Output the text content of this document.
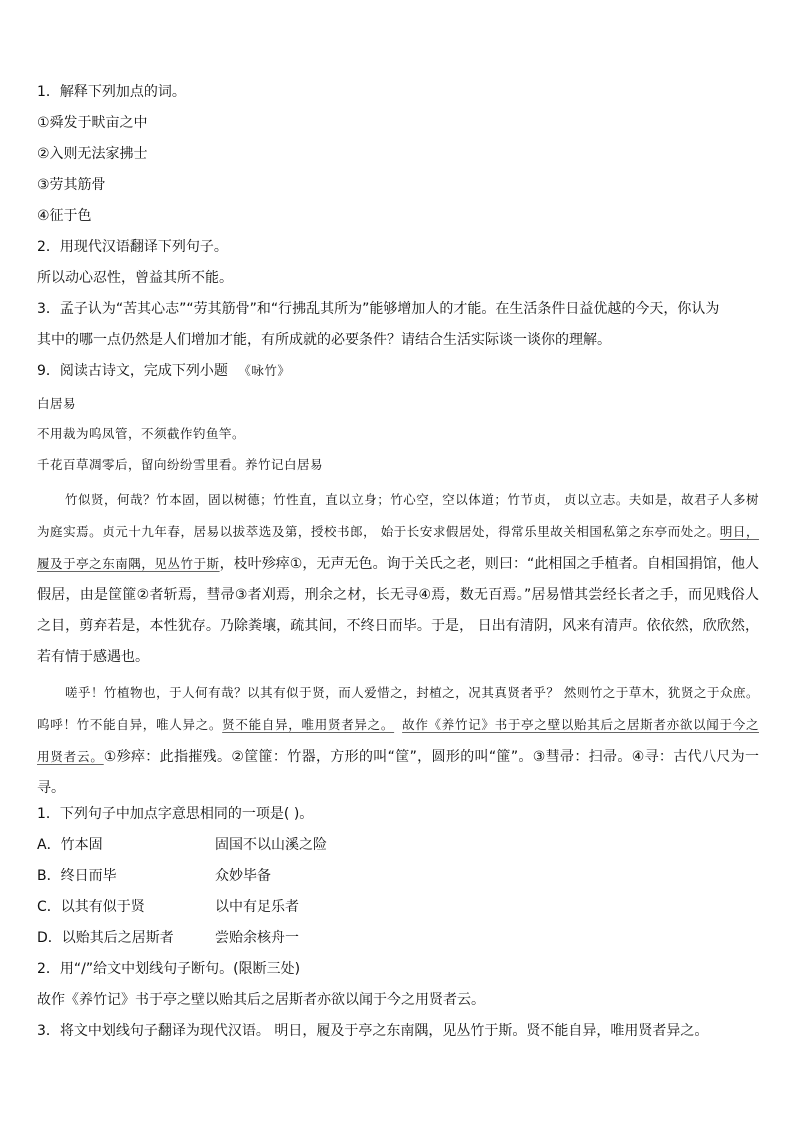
1．解释下列加点的词。
①舜发于畎亩之中
②入则无法家拂士
③劳其筋骨
④征于色
2．用现代汉语翻译下列句子。
所以动心忍性，曾益其所不能。
3．孟子认为“苦其心志”“劳其筋骨”和“行拂乱其所为”能够增加人的才能。在生活条件日益优越的今天，你认为
其中的哪一点仍然是人们增加才能，有所成就的必要条件？请结合生活实际谈一谈你的理解。
9．阅读古诗文，完成下列小题 《咏竹》
白居易
不用裁为呜凤管，不须截作钓鱼竿。
千花百草凋零后，留向纷纷雪里看。养竹记白居易
竹似贤，何哉？竹本固，固以树德；竹性直，直以立身；竹心空，空以体道；竹节贞， 贞以立志。夫如是，故君子人多树为庭实焉。贞元十九年春，居易以拔萃选及第，授校书郎， 始于长安求假居处，得常乐里故关相国私第之东亭而处之。明日，履及于亭之东南隅，见丛竹于斯，枝叶殄瘁①，无声无色。询于关氏之老，则曰：“此相国之手植者。自相国捐馆，他人假居，由是筐篚②者斩焉，彗帚③者刈焉，刑余之材，长无寻④焉，数无百焉。”居易惜其尝经长者之手，而见贱俗人之目，剪弃若是，本性犹存。乃除粪壤，疏其间，不终日而毕。于是， 日出有清阴，风来有清声。依依然，欣欣然，若有情于感遇也。
嗟乎！竹植物也，于人何有哉？以其有似于贤，而人爱惜之，封植之，况其真贤者乎？ 然则竹之于草木，犹贤之于众庶。呜呼！竹不能自异，唯人异之。贤不能自异，唯用贤者异之。 故作《养竹记》书于亭之壁以贻其后之居斯者亦欲以闻于今之用贤者云。①殄瘁：此指摧残。②筐篚：竹器，方形的叫“筐”，圆形的叫“篚”。③彗帚：扫帚。④寻：古代八尺为一寻。
1．下列句子中加点字意思相同的一项是( )。
A．竹本固	固国不以山溪之险
B．终日而毕	众妙毕备
C．以其有似于贤	以中有足乐者
D．以贻其后之居斯者	尝贻余核舟一
2．用“/”给文中划线句子断句。(限断三处)
故作《养竹记》书于亭之壁以贻其后之居斯者亦欲以闻于今之用贤者云。
3．将文中划线句子翻译为现代汉语。 明日，履及于亭之东南隅，见丛竹于斯。贤不能自异，唯用贤者异之。
